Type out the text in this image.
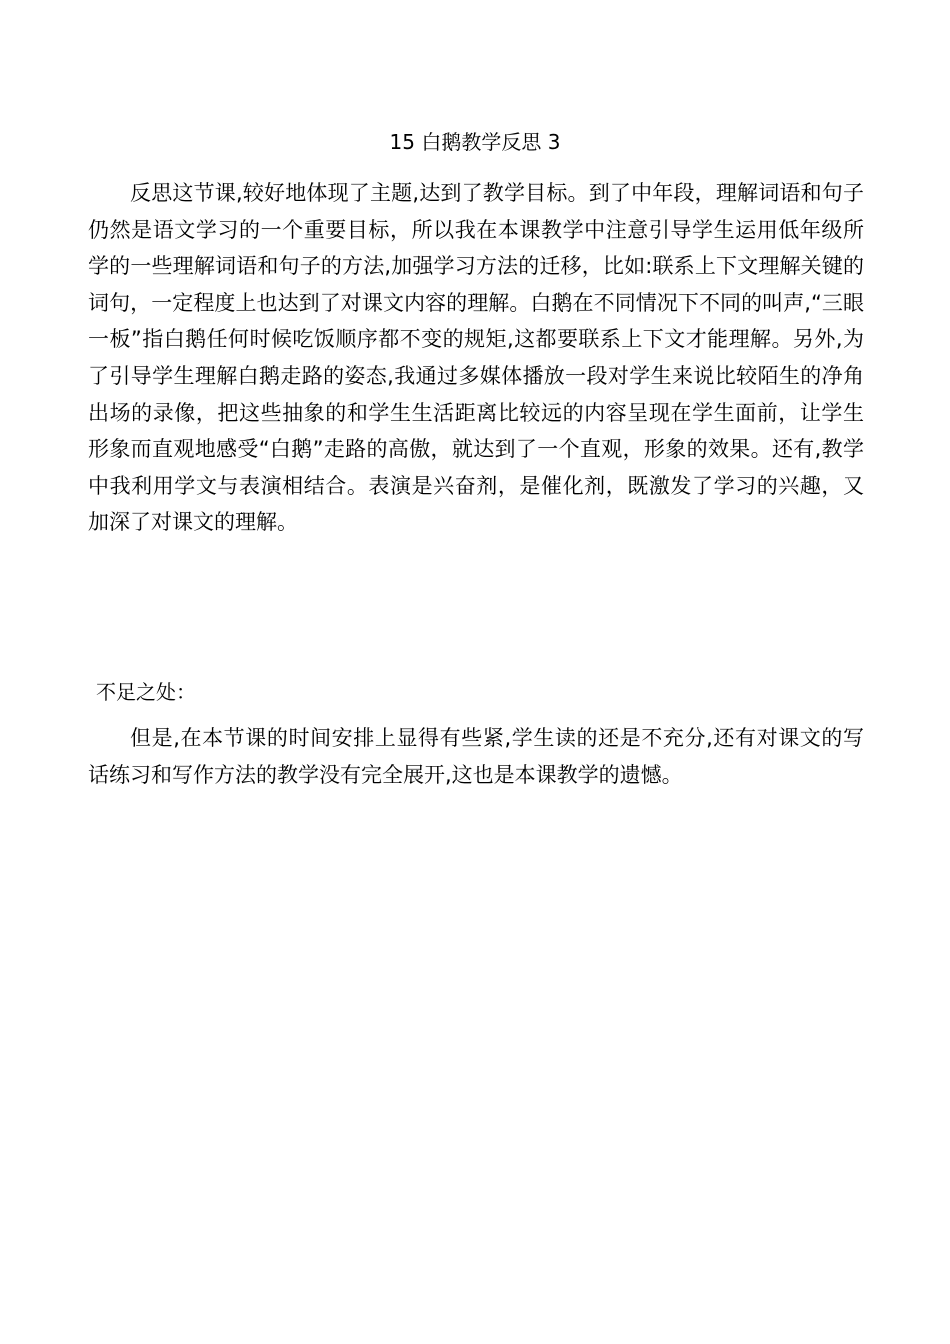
15 白鹅教学反思 3
反思这节课,较好地体现了主题,达到了教学目标。到了中年段，理解词语和句子仍然是语文学习的一个重要目标，所以我在本课教学中注意引导学生运用低年级所学的一些理解词语和句子的方法,加强学习方法的迁移，比如:联系上下文理解关键的词句，一定程度上也达到了对课文内容的理解。白鹅在不同情况下不同的叫声,“三眼一板”指白鹅任何时候吃饭顺序都不变的规矩,这都要联系上下文才能理解。另外,为了引导学生理解白鹅走路的姿态,我通过多媒体播放一段对学生来说比较陌生的净角出场的录像，把这些抽象的和学生生活距离比较远的内容呈现在学生面前，让学生形象而直观地感受“白鹅”走路的高傲，就达到了一个直观，形象的效果。还有,教学中我利用学文与表演相结合。表演是兴奋剂，是催化剂，既激发了学习的兴趣，又加深了对课文的理解。
不足之处：
但是,在本节课的时间安排上显得有些紧,学生读的还是不充分,还有对课文的写话练习和写作方法的教学没有完全展开,这也是本课教学的遗憾。
